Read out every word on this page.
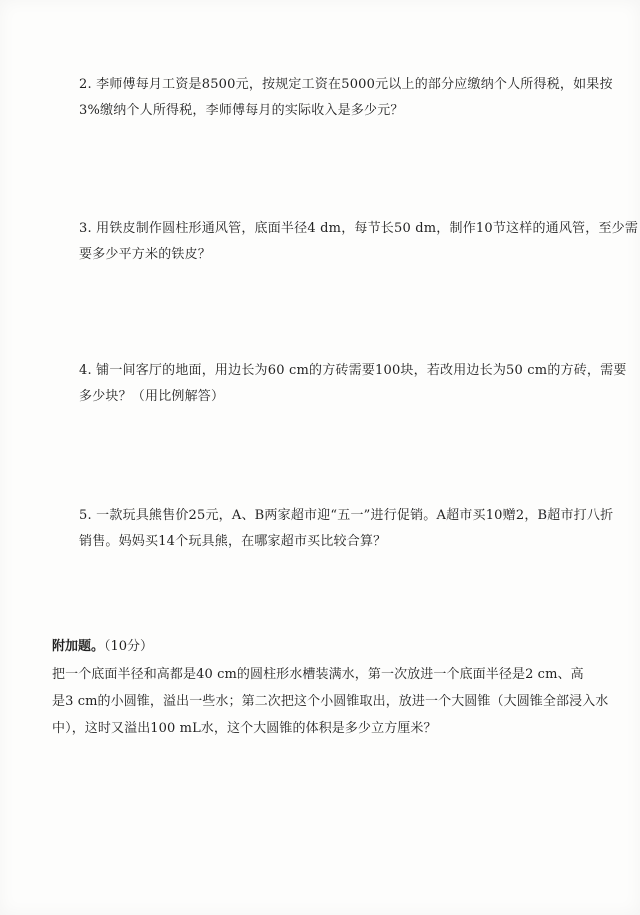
2. 李师傅每月工资是8500元，按规定工资在5000元以上的部分应缴纳个人所得税，如果按
3%缴纳个人所得税，李师傅每月的实际收入是多少元？
3. 用铁皮制作圆柱形通风管，底面半径4 dm，每节长50 dm，制作10节这样的通风管，至少需
要多少平方米的铁皮？
4. 铺一间客厅的地面，用边长为60 cm的方砖需要100块，若改用边长为50 cm的方砖，需要
多少块？（用比例解答）
5. 一款玩具熊售价25元，A、B两家超市迎“五一”进行促销。A超市买10赠2，B超市打八折
销售。妈妈买14个玩具熊，在哪家超市买比较合算？
附加题。（10分）
把一个底面半径和高都是40 cm的圆柱形水槽装满水，第一次放进一个底面半径是2 cm、高
是3 cm的小圆锥，溢出一些水；第二次把这个小圆锥取出，放进一个大圆锥（大圆锥全部浸入水
中），这时又溢出100 mL水，这个大圆锥的体积是多少立方厘米？
